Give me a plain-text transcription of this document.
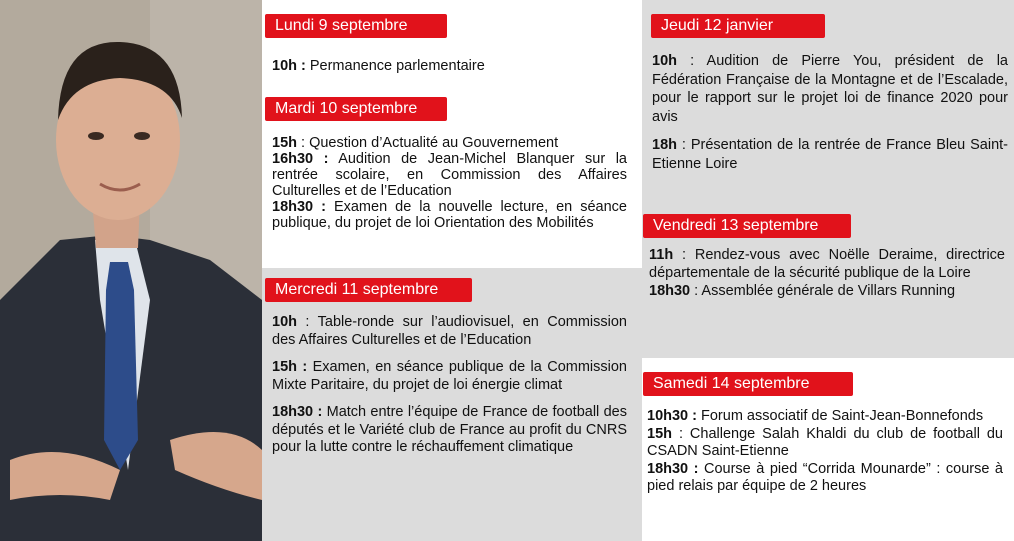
Lundi 9 septembre

10h : Permanence parlementaire

Mardi 10 septembre

15h : Question d’Actualité au Gouvernement

16h30 : Audition de Jean-Michel Blanquer sur la rentrée scolaire, en Commission des Affaires Culturelles et de l’Education

18h30 : Examen de la nouvelle lecture, en séance publique, du projet de loi Orientation des Mobilités

Mercredi 11 septembre

10h : Table-ronde sur l’audiovisuel, en Commission des Affaires Culturelles et de l’Education

15h : Examen, en séance publique de la Commission Mixte Paritaire, du projet de loi énergie climat

18h30 : Match entre l’équipe de France de football des députés et le Variété club de France au profit du CNRS pour la lutte contre le réchauffement climatique

Jeudi 12 janvier

10h : Audition de Pierre You, président de la Fédération Française de la Montagne et de l’Escalade, pour le rapport sur le projet loi de finance 2020 pour avis

18h : Présentation de la rentrée de France Bleu Saint-Etienne Loire

Vendredi 13 septembre

11h : Rendez-vous avec Noëlle Deraime, directrice départementale de la sécurité publique de la Loire

18h30 : Assemblée générale de Villars Running

Samedi 14 septembre

10h30 : Forum associatif de Saint-Jean-Bonnefonds

15h : Challenge Salah Khaldi du club de football du CSADN Saint-Etienne

18h30 : Course à pied “Corrida Mounarde” : course à pied relais par équipe de 2 heures
